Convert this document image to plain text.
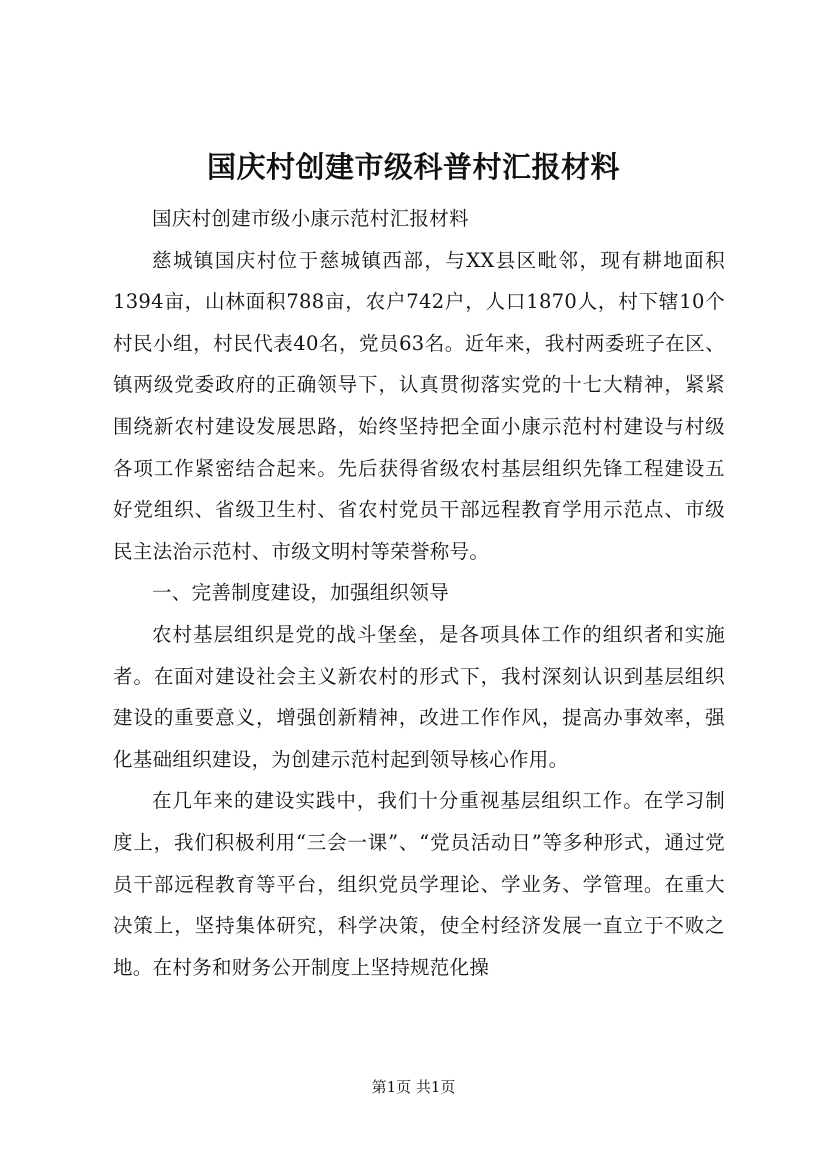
国庆村创建市级科普村汇报材料

国庆村创建市级小康示范村汇报材料

慈城镇国庆村位于慈城镇西部，与XX县区毗邻，现有耕地面积1394亩，山林面积788亩，农户742户，人口1870人，村下辖10个村民小组，村民代表40名，党员63名。近年来，我村两委班子在区、镇两级党委政府的正确领导下，认真贯彻落实党的十七大精神，紧紧围绕新农村建设发展思路，始终坚持把全面小康示范村村建设与村级各项工作紧密结合起来。先后获得省级农村基层组织先锋工程建设五好党组织、省级卫生村、省农村党员干部远程教育学用示范点、市级民主法治示范村、市级文明村等荣誉称号。

一、完善制度建设，加强组织领导

农村基层组织是党的战斗堡垒，是各项具体工作的组织者和实施者。在面对建设社会主义新农村的形式下，我村深刻认识到基层组织建设的重要意义，增强创新精神，改进工作作风，提高办事效率，强化基础组织建设，为创建示范村起到领导核心作用。

在几年来的建设实践中，我们十分重视基层组织工作。在学习制度上，我们积极利用“三会一课”、“党员活动日”等多种形式，通过党员干部远程教育等平台，组织党员学理论、学业务、学管理。在重大决策上，坚持集体研究，科学决策，使全村经济发展一直立于不败之地。在村务和财务公开制度上坚持规范化操

第1页 共1页
